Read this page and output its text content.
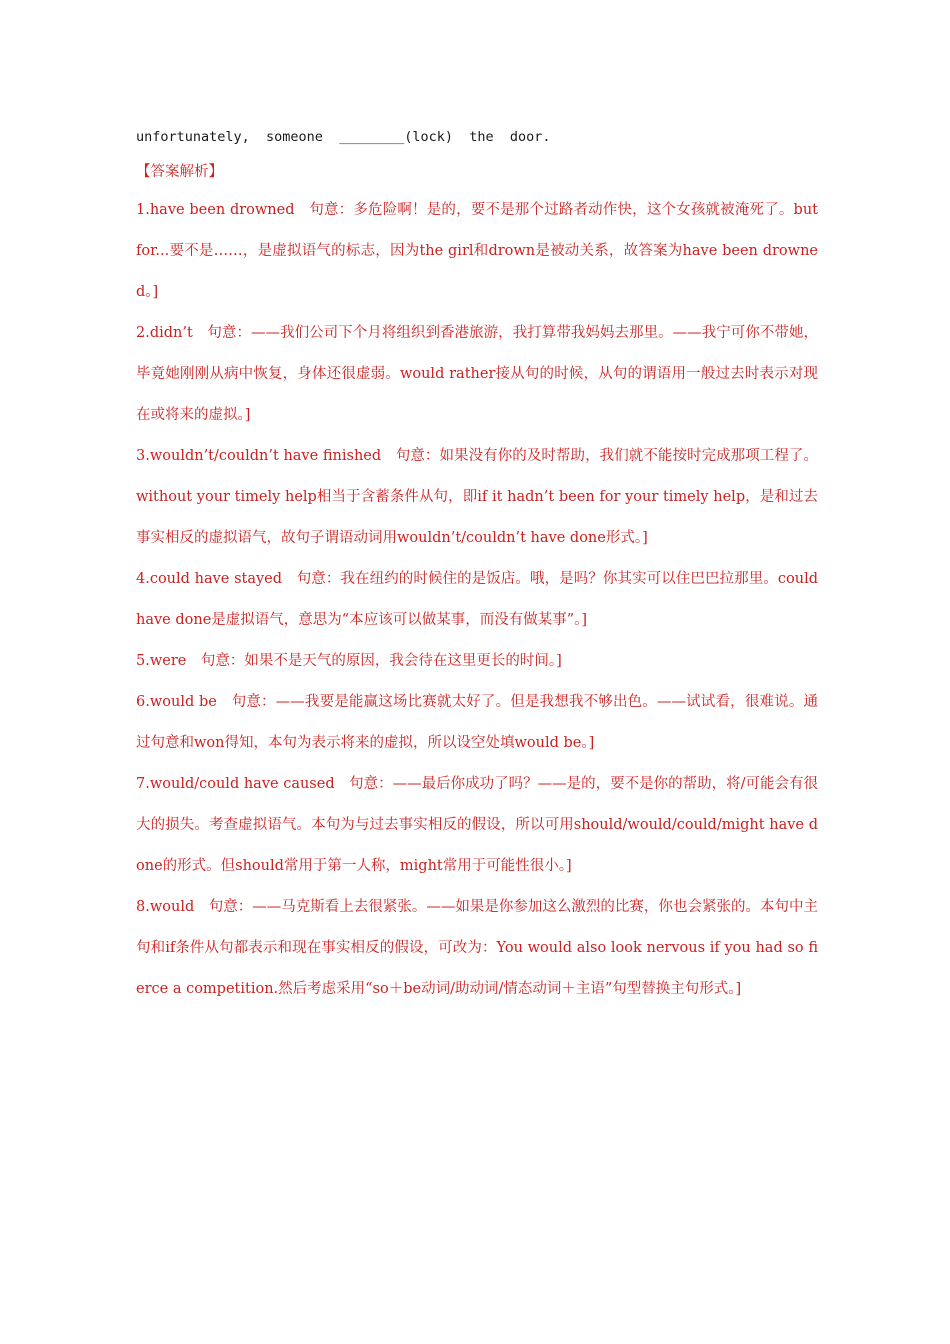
unfortunately,  someone  ________(lock)  the  door.
【答案解析】

1.have been drowned　句意：多危险啊！是的，要不是那个过路者动作快，这个女孩就被淹死了。but for...要不是……，是虚拟语气的标志，因为the girl和drown是被动关系，故答案为have been drowned。]

2.didn’t　句意：——我们公司下个月将组织到香港旅游，我打算带我妈妈去那里。——我宁可你不带她，毕竟她刚刚从病中恢复，身体还很虚弱。would rather接从句的时候，从句的谓语用一般过去时表示对现在或将来的虚拟。]

3.wouldn’t/couldn’t have finished　句意：如果没有你的及时帮助，我们就不能按时完成那项工程了。without your timely help相当于含蓄条件从句，即if it hadn’t been for your timely help，是和过去事实相反的虚拟语气，故句子谓语动词用wouldn’t/couldn’t have done形式。]

4.could have stayed　句意：我在纽约的时候住的是饭店。哦，是吗？你其实可以住巴巴拉那里。could have done是虚拟语气，意思为“本应该可以做某事，而没有做某事”。]

5.were　句意：如果不是天气的原因，我会待在这里更长的时间。]

6.would be　句意：——我要是能赢这场比赛就太好了。但是我想我不够出色。——试试看，很难说。通过句意和won得知，本句为表示将来的虚拟，所以设空处填would be。]

7.would/could have caused　句意：——最后你成功了吗？——是的，要不是你的帮助，将/可能会有很大的损失。考查虚拟语气。本句为与过去事实相反的假设，所以可用should/would/could/might have done的形式。但should常用于第一人称，might常用于可能性很小。]

8.would　句意：——马克斯看上去很紧张。——如果是你参加这么激烈的比赛，你也会紧张的。本句中主句和if条件从句都表示和现在事实相反的假设，可改为：You would also look nervous if you had so fierce a competition.然后考虑采用“so＋be动词/助动词/情态动词＋主语”句型替换主句形式。]
